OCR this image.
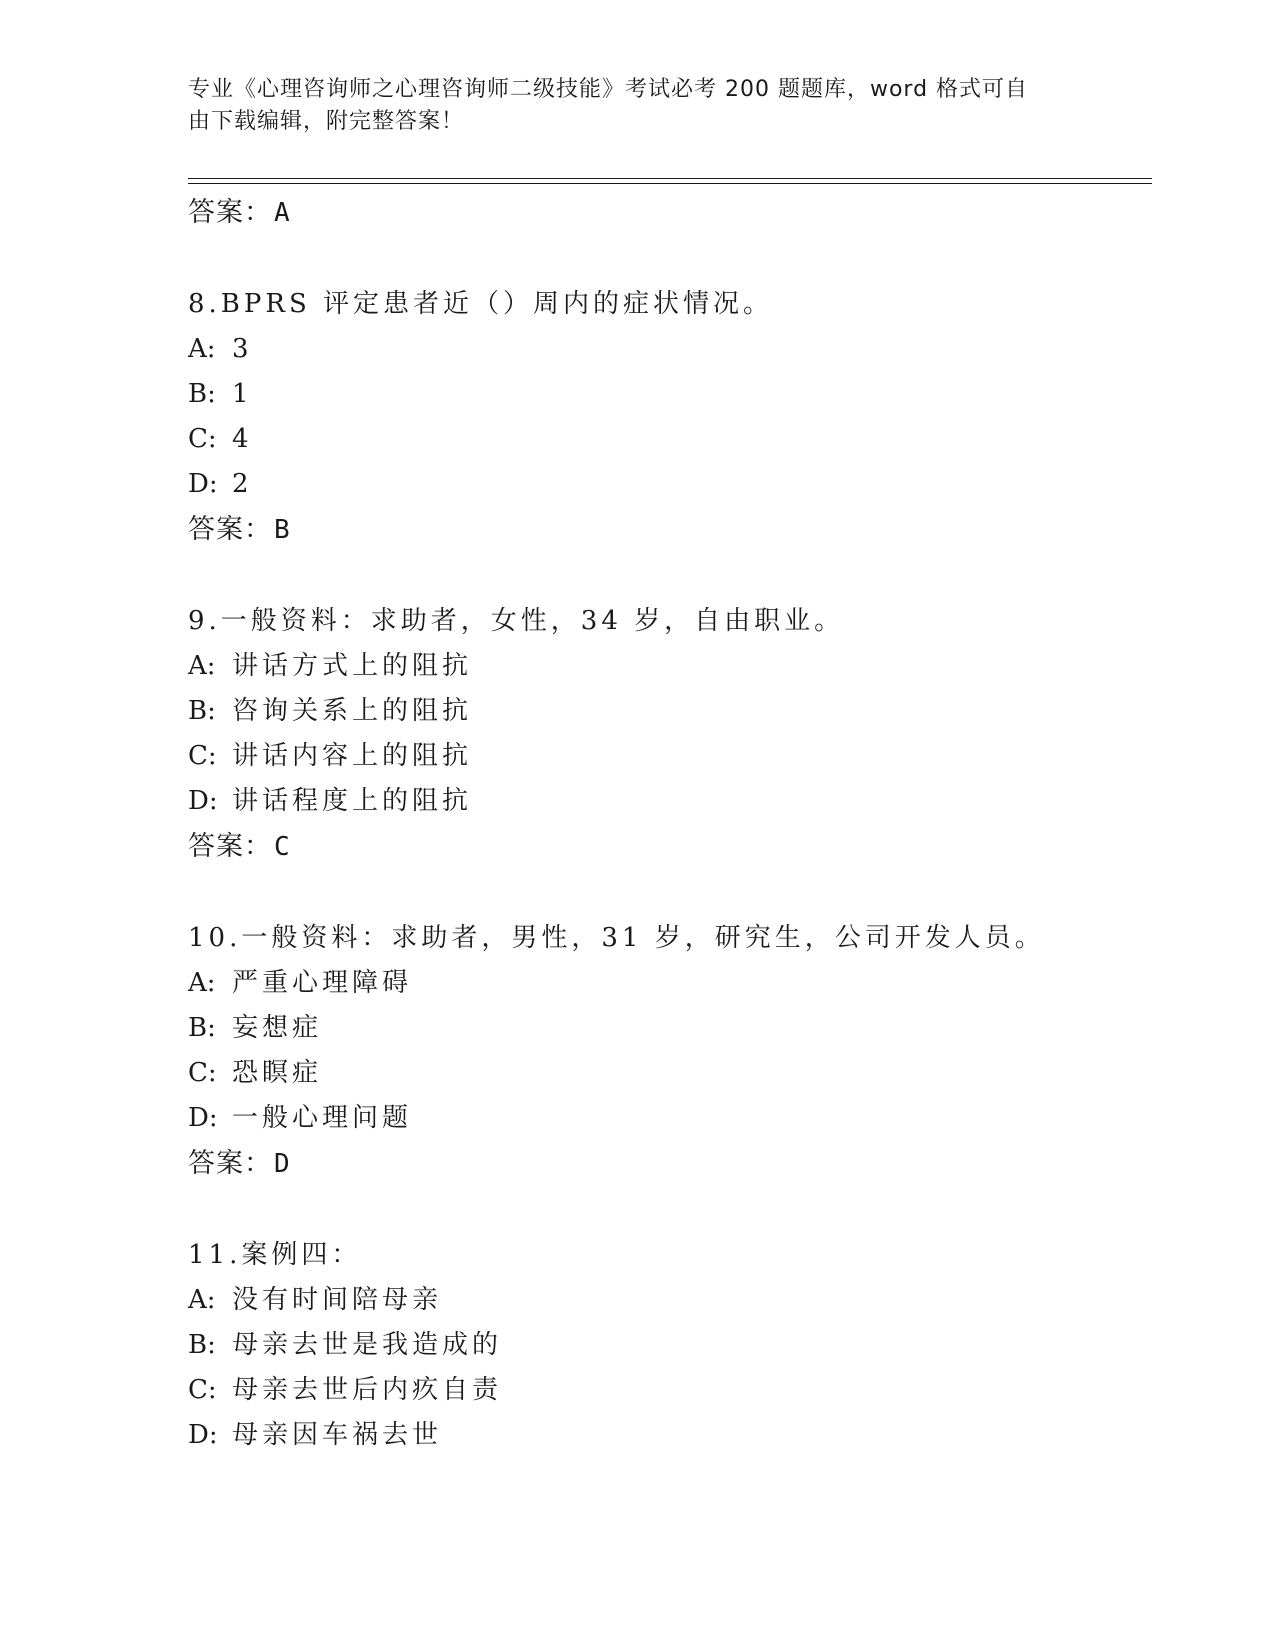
专业《心理咨询师之心理咨询师二级技能》考试必考 200 题题库，word 格式可自
由下载编辑，附完整答案！
答案：A
8.BPRS 评定患者近（）周内的症状情况。
A: 3
B: 1
C: 4
D: 2
答案：B
9.一般资料：求助者，女性，34 岁，自由职业。
A: 讲话方式上的阻抗
B: 咨询关系上的阻抗
C: 讲话内容上的阻抗
D: 讲话程度上的阻抗
答案：C
10.一般资料：求助者，男性，31 岁，研究生，公司开发人员。
A: 严重心理障碍
B: 妄想症
C: 恐瞑症
D: 一般心理问题
答案：D
11.案例四：
A: 没有时间陪母亲
B: 母亲去世是我造成的
C: 母亲去世后内疚自责
D: 母亲因车祸去世
